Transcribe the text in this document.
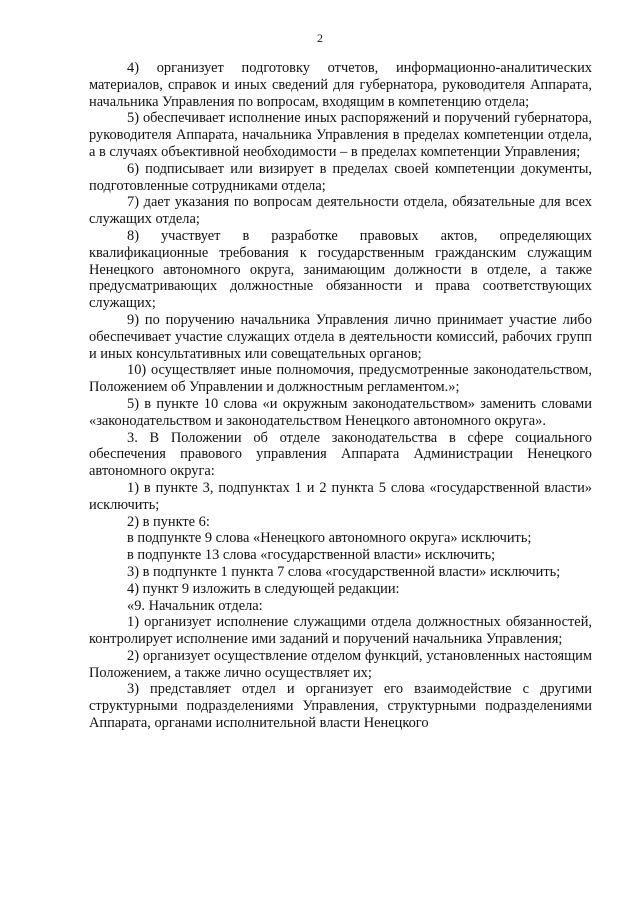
2

4) организует подготовку отчетов, информационно-аналитических материалов, справок и иных сведений для губернатора, руководителя Аппарата, начальника Управления по вопросам, входящим в компетенцию отдела;

5) обеспечивает исполнение иных распоряжений и поручений губернатора, руководителя Аппарата, начальника Управления в пределах компетенции отдела, а в случаях объективной необходимости – в пределах компетенции Управления;

6) подписывает или визирует в пределах своей компетенции документы, подготовленные сотрудниками отдела;

7) дает указания по вопросам деятельности отдела, обязательные для всех служащих отдела;

8) участвует в разработке правовых актов, определяющих квалификационные требования к государственным гражданским служащим Ненецкого автономного округа, занимающим должности в отделе, а также предусматривающих должностные обязанности и права соответствующих служащих;

9) по поручению начальника Управления лично принимает участие либо обеспечивает участие служащих отдела в деятельности комиссий, рабочих групп и иных консультативных или совещательных органов;

10) осуществляет иные полномочия, предусмотренные законодательством, Положением об Управлении и должностным регламентом.»;

5) в пункте 10 слова «и окружным законодательством» заменить словами «законодательством и законодательством Ненецкого автономного округа».

3. В Положении об отделе законодательства в сфере социального обеспечения правового управления Аппарата Администрации Ненецкого автономного округа:

1) в пункте 3, подпунктах 1 и 2 пункта 5 слова «государственной власти» исключить;

2) в пункте 6:

в подпункте 9 слова «Ненецкого автономного округа» исключить;

в подпункте 13 слова «государственной власти» исключить;

3) в подпункте 1 пункта 7 слова «государственной власти» исключить;

4) пункт 9 изложить в следующей редакции:

«9. Начальник отдела:

1) организует исполнение служащими отдела должностных обязанностей, контролирует исполнение ими заданий и поручений начальника Управления;

2) организует осуществление отделом функций, установленных настоящим Положением, а также лично осуществляет их;

3) представляет отдел и организует его взаимодействие с другими структурными подразделениями Управления, структурными подразделениями Аппарата, органами исполнительной власти Ненецкого
